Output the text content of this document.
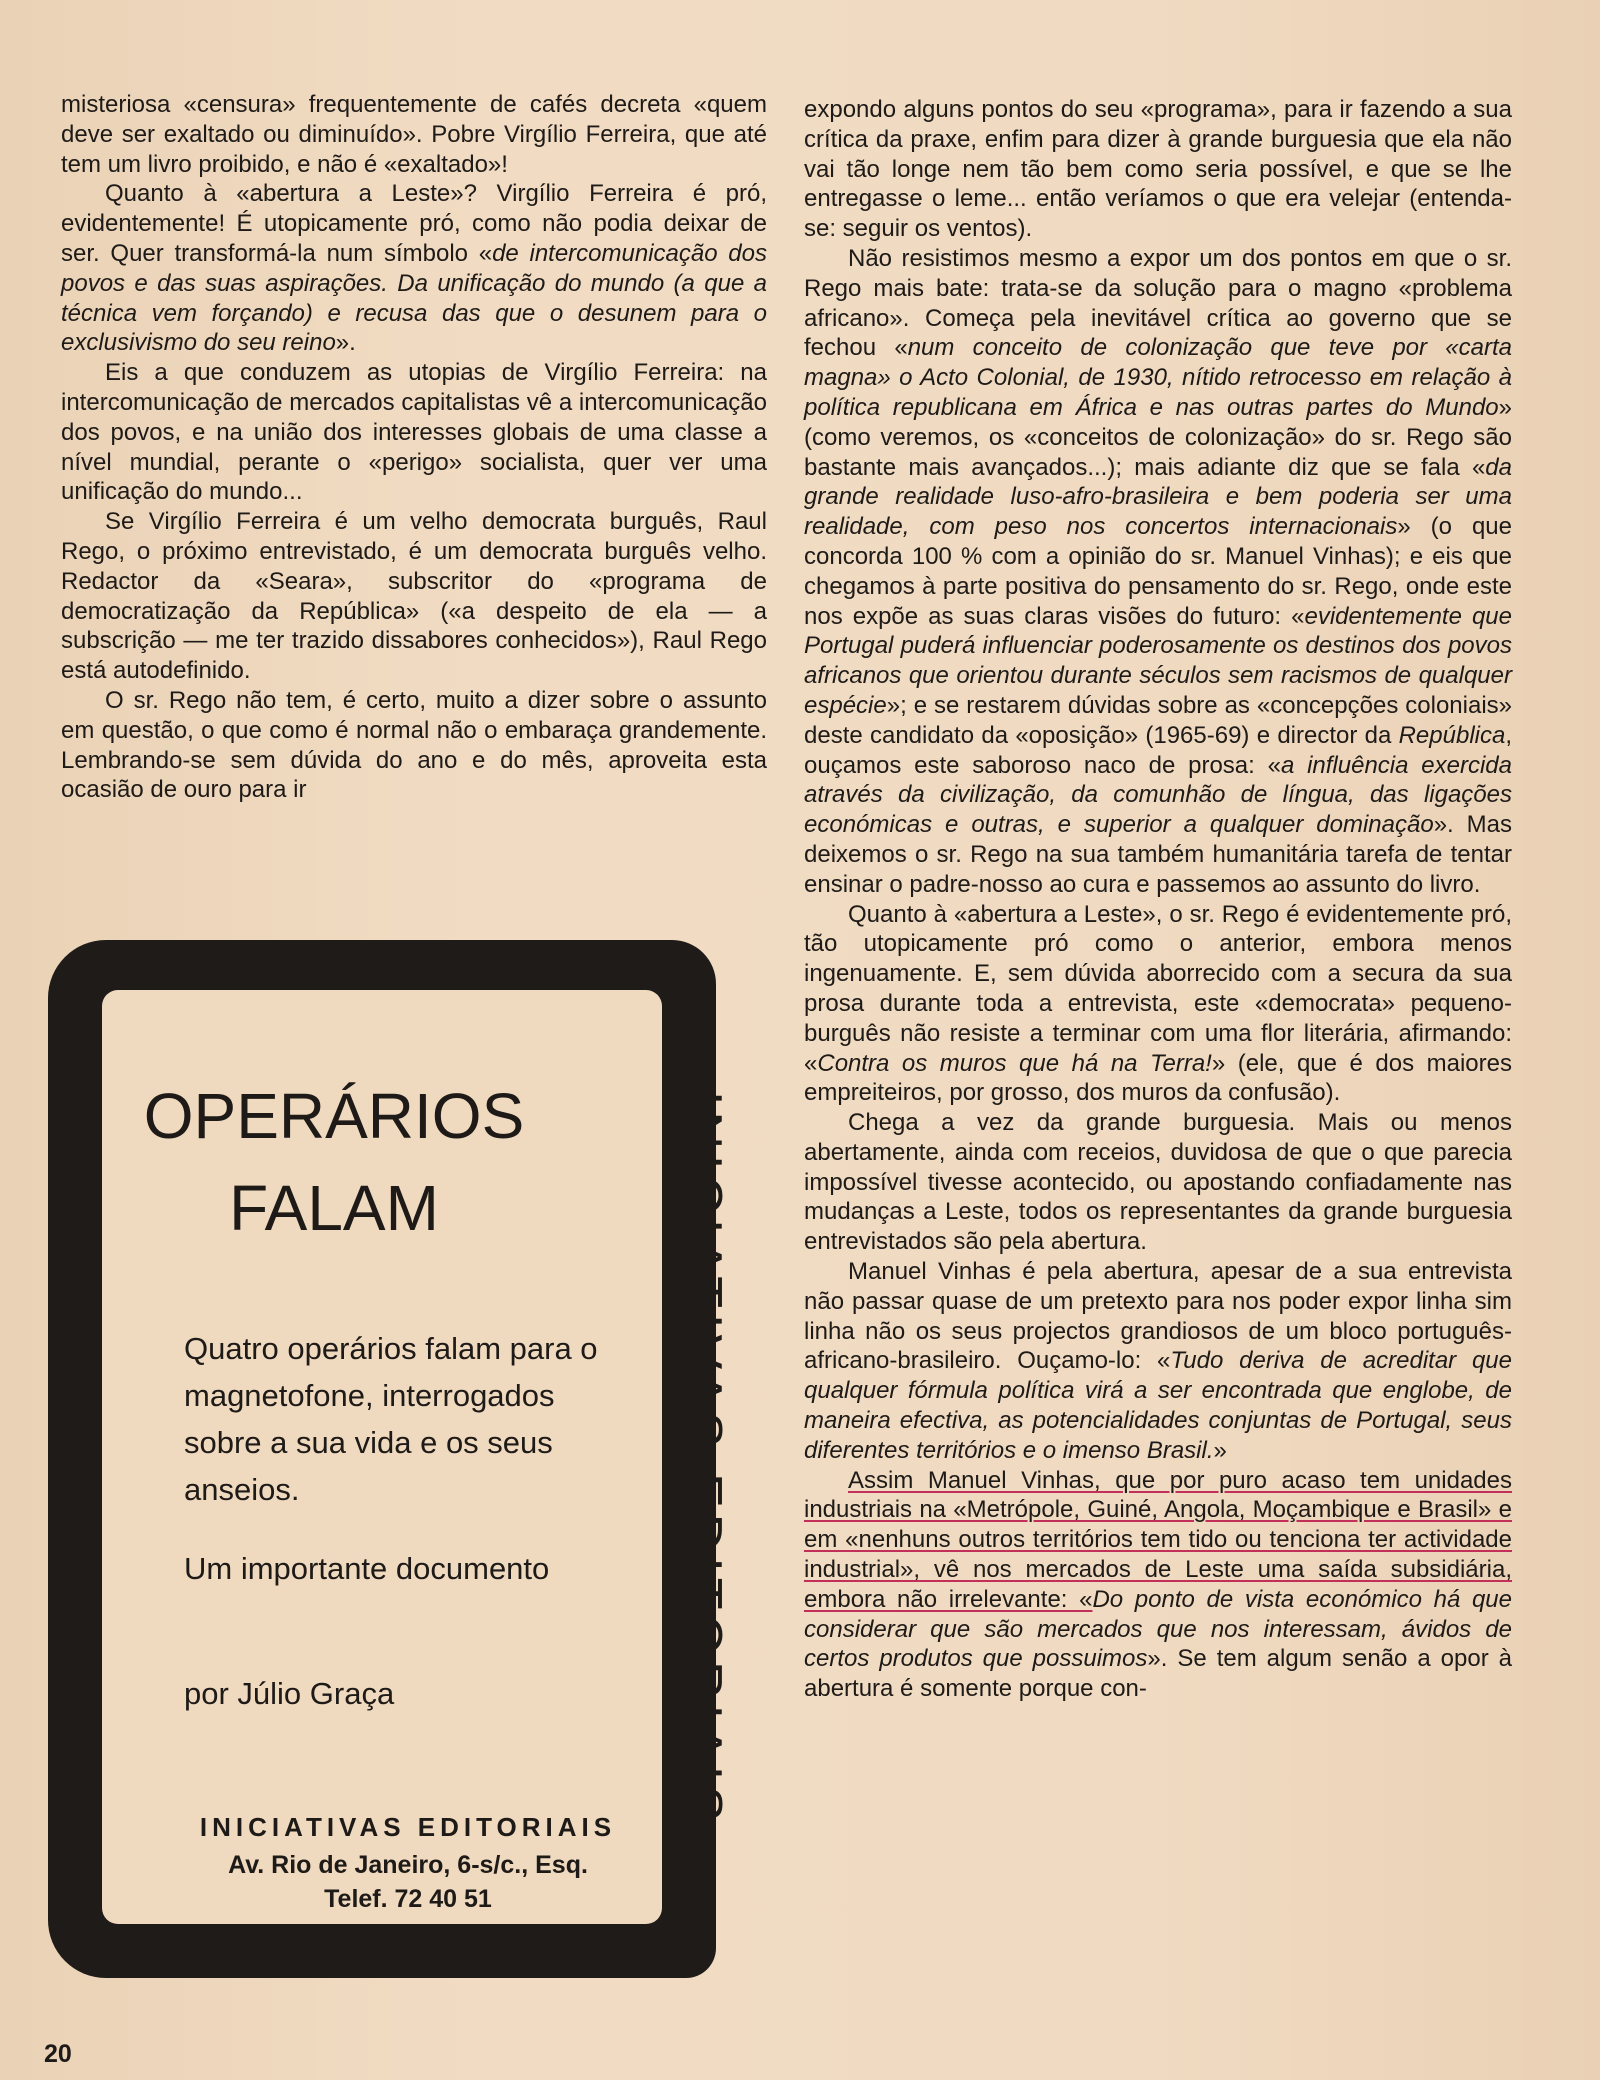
misteriosa «censura» frequentemente de cafés decreta «quem deve ser exaltado ou diminuído». Pobre Virgílio Ferreira, que até tem um livro proibido, e não é «exaltado»!

Quanto à «abertura a Leste»? Virgílio Ferreira é pró, evidentemente! É utopicamente pró, como não podia deixar de ser. Quer transformá-la num símbolo «de intercomunicação dos povos e das suas aspirações. Da unificação do mundo (a que a técnica vem forçando) e recusa das que o desunem para o exclusivismo do seu reino».

Eis a que conduzem as utopias de Virgílio Ferreira: na intercomunicação de mercados capitalistas vê a intercomunicação dos povos, e na união dos interesses globais de uma classe a nível mundial, perante o «perigo» socialista, quer ver uma unificação do mundo...

Se Virgílio Ferreira é um velho democrata burguês, Raul Rego, o próximo entrevistado, é um democrata burguês velho. Redactor da «Seara», subscritor do «programa de democratização da República» («a despeito de ela — a subscrição — me ter trazido dissabores conhecidos»), Raul Rego está autodefinido.

O sr. Rego não tem, é certo, muito a dizer sobre o assunto em questão, o que como é normal não o embaraça grandemente. Lembrando-se sem dúvida do ano e do mês, aproveita esta ocasião de ouro para ir

expondo alguns pontos do seu «programa», para ir fazendo a sua crítica da praxe, enfim para dizer à grande burguesia que ela não vai tão longe nem tão bem como seria possível, e que se lhe entregasse o leme... então veríamos o que era velejar (entenda-se: seguir os ventos).

Não resistimos mesmo a expor um dos pontos em que o sr. Rego mais bate: trata-se da solução para o magno «problema africano». Começa pela inevitável crítica ao governo que se fechou «num conceito de colonização que teve por «carta magna» o Acto Colonial, de 1930, nítido retrocesso em relação à política republicana em África e nas outras partes do Mundo» (como veremos, os «conceitos de colonização» do sr. Rego são bastante mais avançados...); mais adiante diz que se fala «da grande realidade luso-afro-brasileira e bem poderia ser uma realidade, com peso nos concertos internacionais» (o que concorda 100 % com a opinião do sr. Manuel Vinhas); e eis que chegamos à parte positiva do pensamento do sr. Rego, onde este nos expõe as suas claras visões do futuro: «evidentemente que Portugal puderá influenciar poderosamente os destinos dos povos africanos que orientou durante séculos sem racismos de qualquer espécie»; e se restarem dúvidas sobre as «concepções coloniais» deste candidato da «oposição» (1965-69) e director da República, ouçamos este saboroso naco de prosa: «a influência exercida através da civilização, da comunhão de língua, das ligações económicas e outras, e superior a qualquer dominação». Mas deixemos o sr. Rego na sua também humanitária tarefa de tentar ensinar o padre-nosso ao cura e passemos ao assunto do livro.

Quanto à «abertura a Leste», o sr. Rego é evidentemente pró, tão utopicamente pró como o anterior, embora menos ingenuamente. E, sem dúvida aborrecido com a secura da sua prosa durante toda a entrevista, este «democrata» pequeno-burguês não resiste a terminar com uma flor literária, afirmando: «Contra os muros que há na Terra!» (ele, que é dos maiores empreiteiros, por grosso, dos muros da confusão).

Chega a vez da grande burguesia. Mais ou menos abertamente, ainda com receios, duvidosa de que o que parecia impossível tivesse acontecido, ou apostando confiadamente nas mudanças a Leste, todos os representantes da grande burguesia entrevistados são pela abertura.

Manuel Vinhas é pela abertura, apesar de a sua entrevista não passar quase de um pretexto para nos poder expor linha sim linha não os seus projectos grandiosos de um bloco português-africano-brasileiro. Ouçamo-lo: «Tudo deriva de acreditar que qualquer fórmula política virá a ser encontrada que englobe, de maneira efectiva, as potencialidades conjuntas de Portugal, seus diferentes territórios e o imenso Brasil.»

Assim Manuel Vinhas, que por puro acaso tem unidades industriais na «Metrópole, Guiné, Angola, Moçambique e Brasil» e em «nenhuns outros territórios tem tido ou tenciona ter actividade industrial», vê nos mercados de Leste uma saída subsidiária, embora não irrelevante: «Do ponto de vista económico há que considerar que são mercados que nos interessam, ávidos de certos produtos que possuimos». Se tem algum senão a opor à abertura é somente porque con-

INICIATIVAS EDITORIAIS
OPERÁRIOS
FALAM
Quatro operários falam para o magnetofone, interrogados sobre a sua vida e os seus anseios.
Um importante documento
por Júlio Graça
INICIATIVAS EDITORIAIS
Av. Rio de Janeiro, 6-s/c., Esq.
Telef. 72 40 51
20
